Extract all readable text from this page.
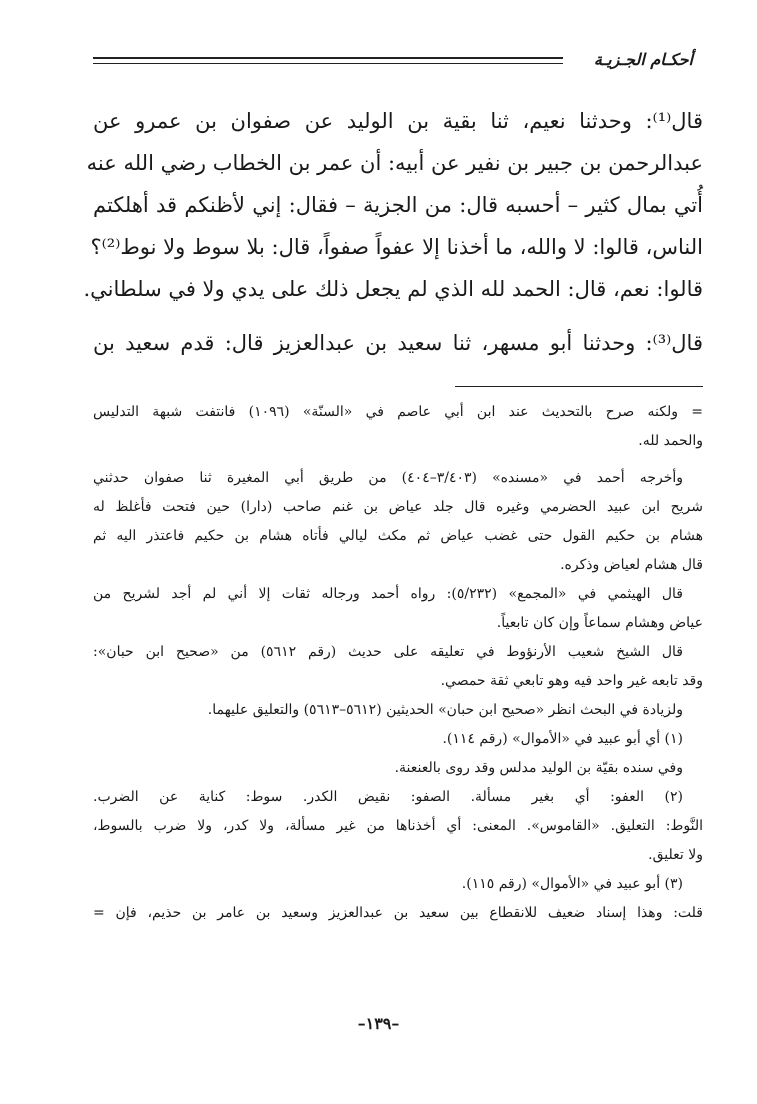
أحكـام الجـزيـة
قال⁽¹⁾: وحدثنا نعيم، ثنا بقية بن الوليد عن صفوان بن عمرو عن
عبدالرحمن بن جبير بن نفير عن أبيه: أن عمر بن الخطاب رضي الله عنه
أُتي بمال كثير – أحسبه قال: من الجزية – فقال: إني لأظنكم قد أهلكتم
الناس، قالوا: لا والله، ما أخذنا إلا عفواً صفواً، قال: بلا سوط ولا نوط⁽²⁾؟
قالوا: نعم، قال: الحمد لله الذي لم يجعل ذلك على يدي ولا في سلطاني.
قال⁽³⁾: وحدثنا أبو مسهر، ثنا سعيد بن عبدالعزيز قال: قدم سعيد بن
= ولكنه صرح بالتحديث عند ابن أبي عاصم في «السنّة» (١٠٩٦) فانتفت شبهة التدليس
والحمد لله.
وأخرجه أحمد في «مسنده» (٣/٤٠٣–٤٠٤) من طريق أبي المغيرة ثنا صفوان حدثني
شريح ابن عبيد الحضرمي وغيره قال جلد عياض بن غنم صاحب (دارا) حين فتحت فأغلظ له
هشام بن حكيم القول حتى غضب عياض ثم مكث ليالي فأتاه هشام بن حكيم فاعتذر اليه ثم
قال هشام لعياض وذكره.
قال الهيثمي في «المجمع» (٥/٢٣٢): رواه أحمد ورجاله ثقات إلا أني لم أجد لشريح من
عياض وهشام سماعاً وإن كان تابعياً.
قال الشيخ شعيب الأرنؤوط في تعليقه على حديث (رقم ٥٦١٢) من «صحيح ابن حبان»:
وقد تابعه غير واحد فيه وهو تابعي ثقة حمصي.
ولزيادة في البحث انظر «صحيح ابن حبان» الحديثين (٥٦١٢–٥٦١٣) والتعليق عليهما.
(١) أي أبو عبيد في «الأموال» (رقم ١١٤).
وفي سنده بقيّة بن الوليد مدلس وقد روى بالعنعنة.
(٢) العفو: أي بغير مسألة. الصفو: نقيض الكدر. سوط: كناية عن الضرب.
النَّوط: التعليق. «القاموس». المعنى: أي أخذناها من غير مسألة، ولا كدر، ولا ضرب بالسوط،
ولا تعليق.
(٣) أبو عبيد في «الأموال» (رقم ١١٥).
قلت: وهذا إسناد ضعيف للانقطاع بين سعيد بن عبدالعزيز وسعيد بن عامر بن حذيم، فإن =
–١٣٩–
